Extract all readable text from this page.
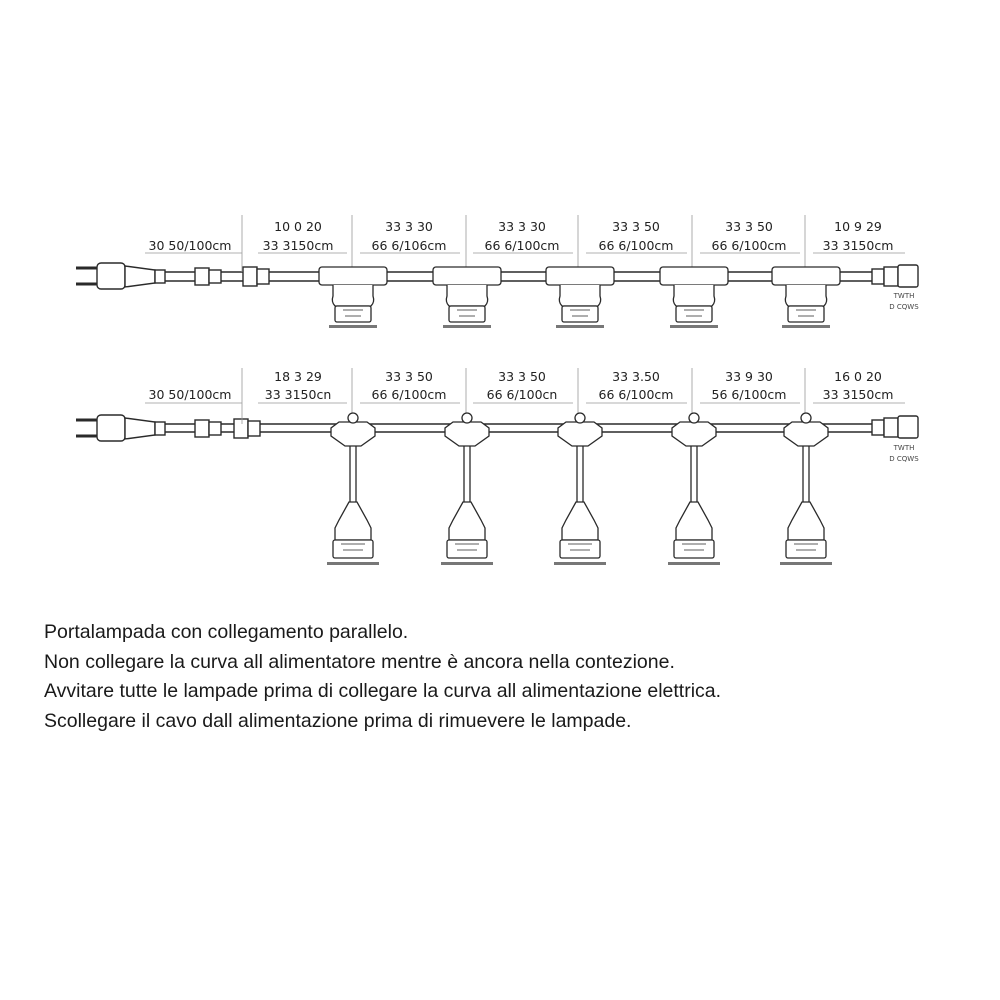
30 50/100cm
10 0 20
33 3150cm
33 3 30
66 6/106cm
33 3 30
66 6/100cm
33 3 50
66 6/100cm
33 3 50
66 6/100cm
10 9 29
33 3150cm
TWTH
D CQWS
30 50/100cm
18 3 29
33 3150cn
33 3 50
66 6/100cm
33 3 50
66 6/100cn
33 3.50
66 6/100cm
33 9 30
56 6/100cm
16 0 20
33 3150cm
TWTH
D CQWS

Portalampada con collegamento parallelo.

Non collegare la curva all alimentatore mentre è ancora nella contezione.

Avvitare tutte le lampade prima di collegare la curva all alimentazione elettrica.

Scollegare il cavo dall alimentazione prima di rimuevere le lampade.
